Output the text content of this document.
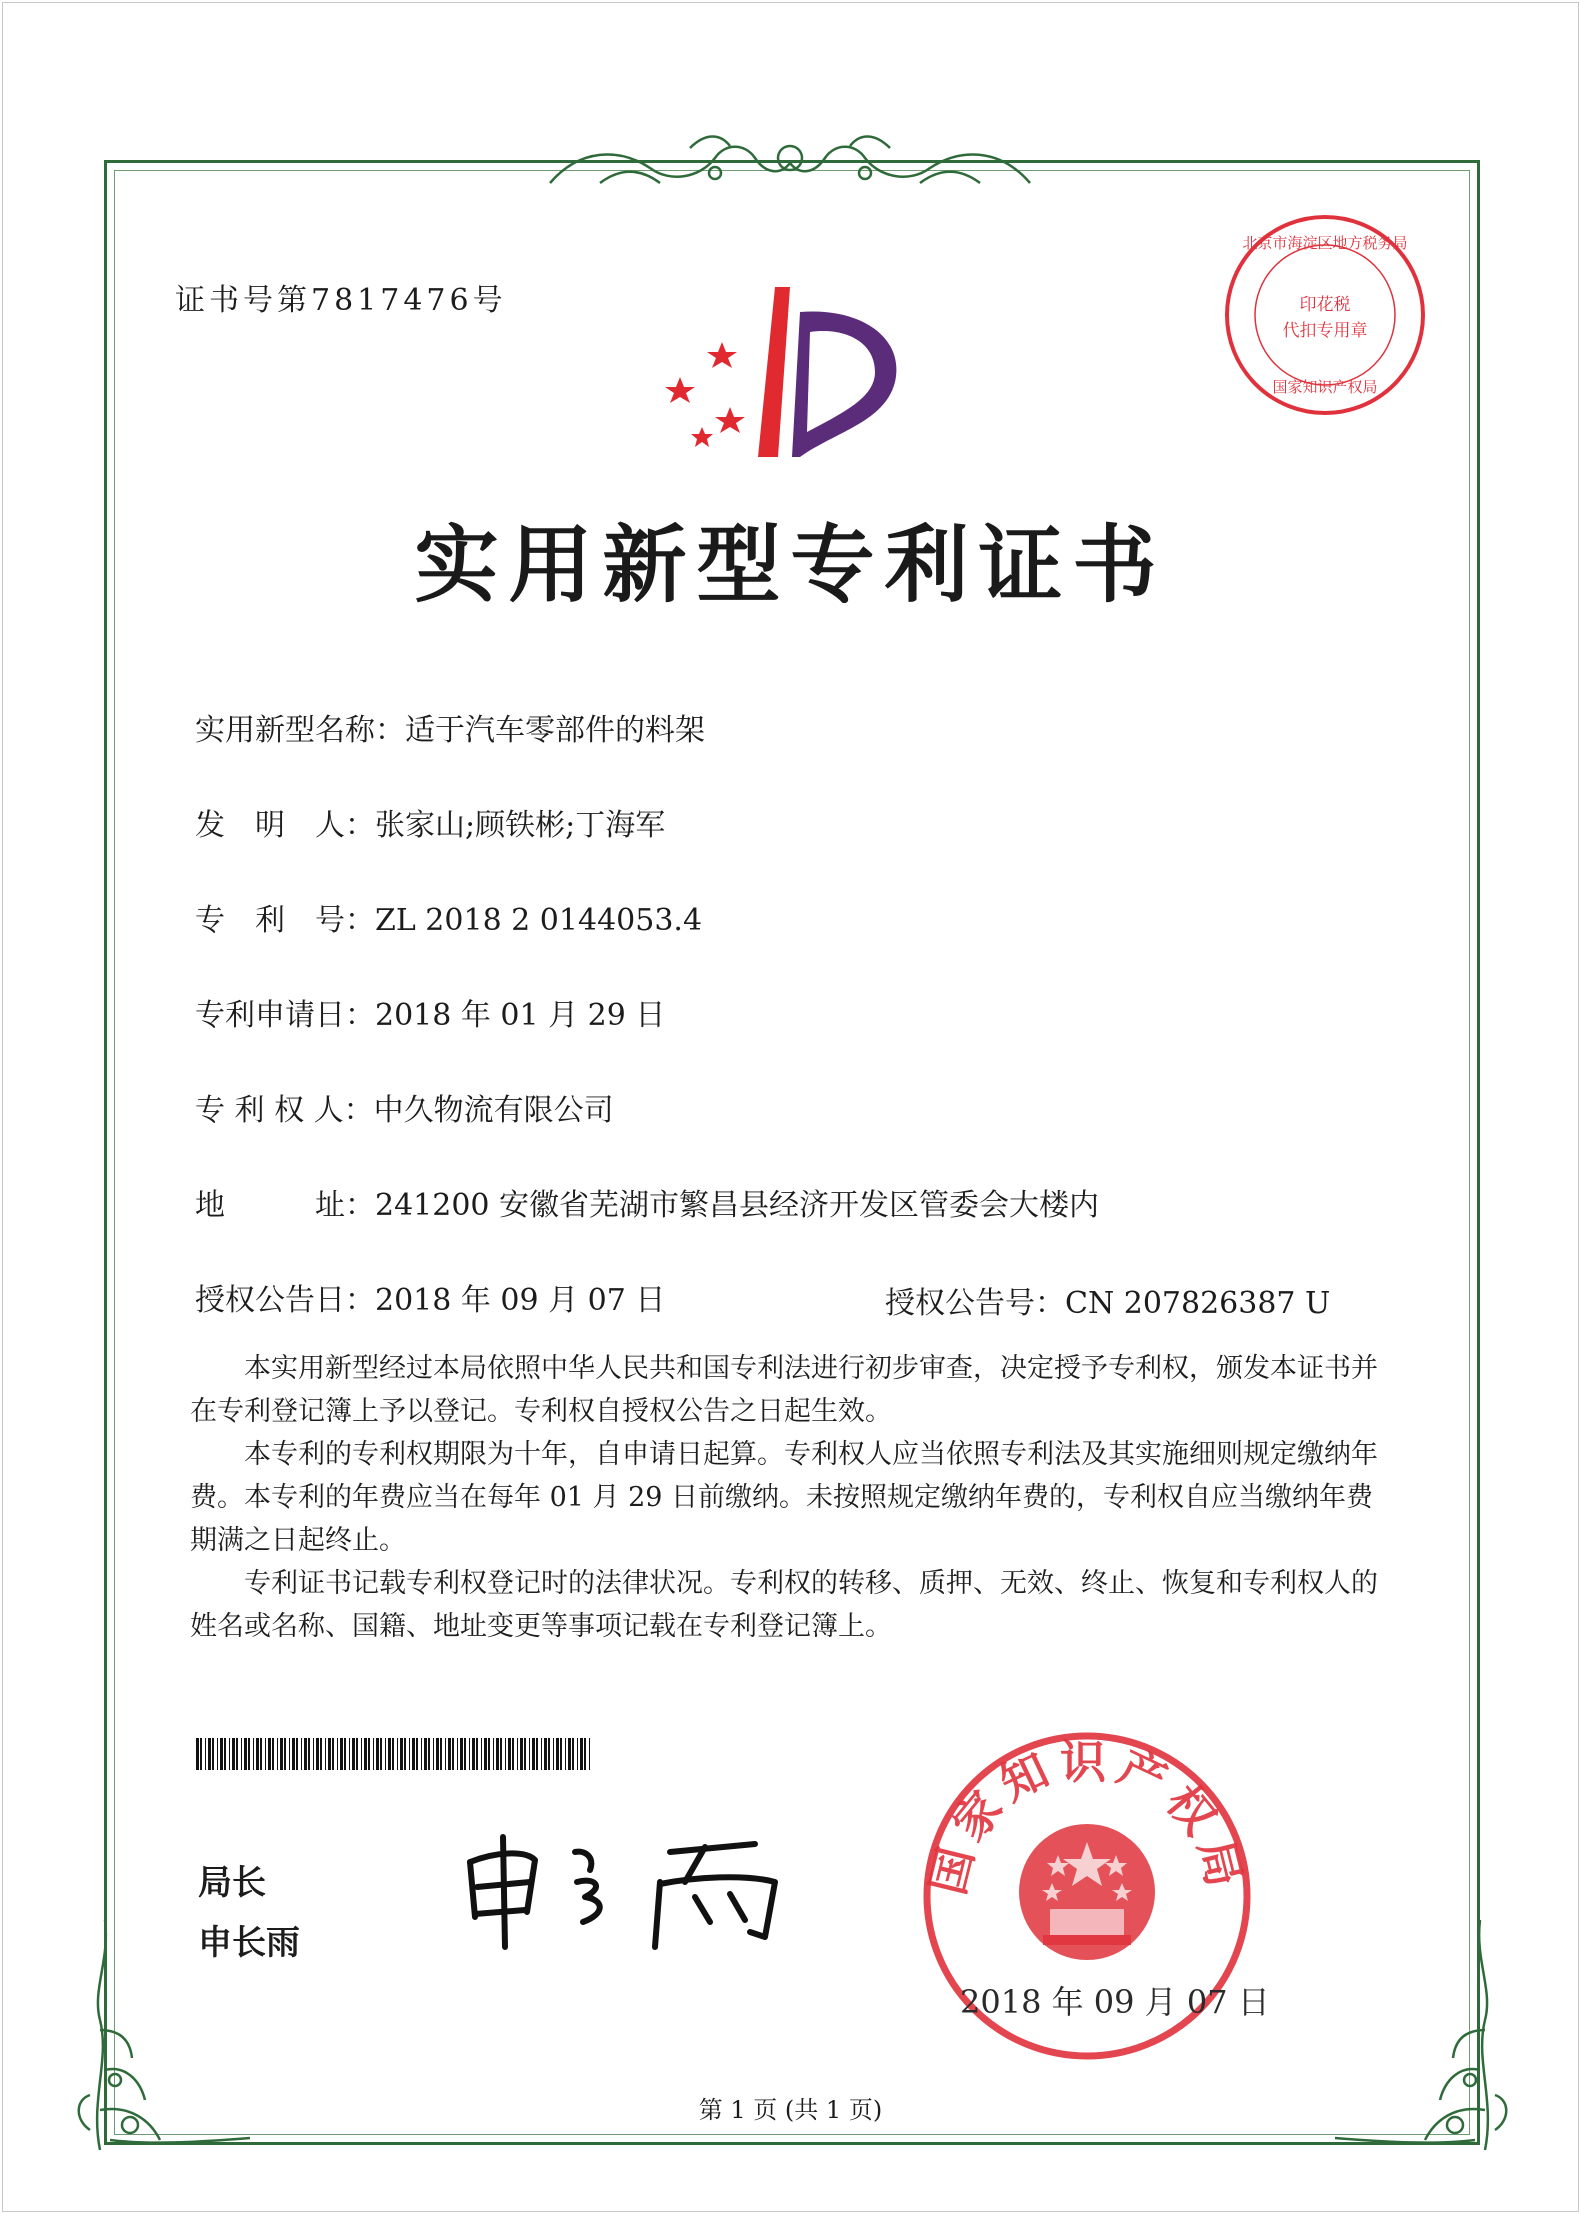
证书号第7817476号
实用新型专利证书
实用新型名称：适于汽车零部件的料架
发　明　人：张家山;顾铁彬;丁海军
专　利　号：ZL 2018 2 0144053.4
专利申请日：2018 年 01 月 29 日
专 利 权 人：中久物流有限公司
地　　　址：241200 安徽省芜湖市繁昌县经济开发区管委会大楼内
授权公告日：2018 年 09 月 07 日	授权公告号：CN 207826387 U

本实用新型经过本局依照中华人民共和国专利法进行初步审查，决定授予专利权，颁发本证书并在专利登记簿上予以登记。专利权自授权公告之日起生效。

本专利的专利权期限为十年，自申请日起算。专利权人应当依照专利法及其实施细则规定缴纳年费。本专利的年费应当在每年 01 月 29 日前缴纳。未按照规定缴纳年费的，专利权自应当缴纳年费期满之日起终止。

专利证书记载专利权登记时的法律状况。专利权的转移、质押、无效、终止、恢复和专利权人的姓名或名称、国籍、地址变更等事项记载在专利登记簿上。

局长
申长雨
北京市海淀区地方税务局
印花税
代扣专用章
国家知识产权局
国家知识产权局
2018 年 09 月 07 日
第 1 页 (共 1 页)
